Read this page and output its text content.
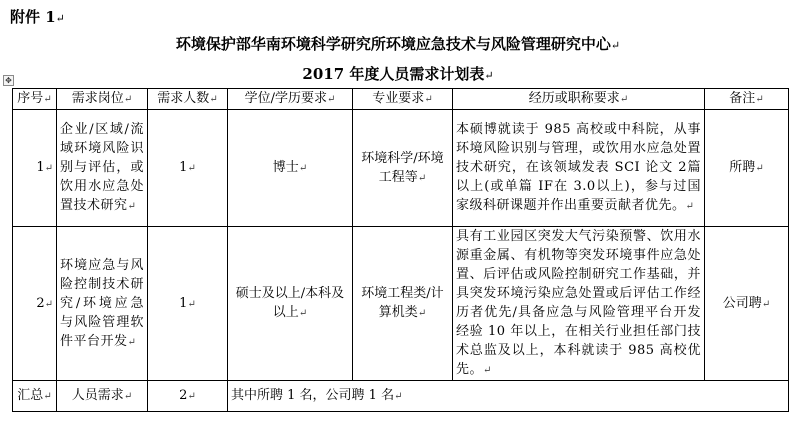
附件 1↵
环境保护部华南环境科学研究所环境应急技术与风险管理研究中心↵
2017 年度人员需求计划表↵
✥
序号↵	需求岗位↵	需求人数↵	学位/学历要求↵	专业要求↵	经历或职称要求↵	备注↵
1↵	企业/区域/流域环境风险识别与评估，或饮用水应急处置技术研究↵	1↵	博士↵	环境科学/环境工程等↵	本硕博就读于 985 高校或中科院，从事环境风险识别与管理，或饮用水应急处置技术研究，在该领域发表 SCI 论文 2篇以上(或单篇 IF在 3.0以上)，参与过国家级科研课题并作出重要贡献者优先。↵	所聘↵
2↵	环境应急与风险控制技术研究/环境应急与风险管理软件平台开发↵	1↵	硕士及以上/本科及以上↵	环境工程类/计算机类↵	具有工业园区突发大气污染预警、饮用水源重金属、有机物等突发环境事件应急处置、后评估或风险控制研究工作基础，并具突发环境污染应急处置或后评估工作经历者优先/具备应急与风险管理平台开发经验 10 年以上，在相关行业担任部门技术总监及以上，本科就读于 985 高校优先。↵	公司聘↵
汇总↵	人员需求↵	2↵	其中所聘 1 名，公司聘 1 名↵			
